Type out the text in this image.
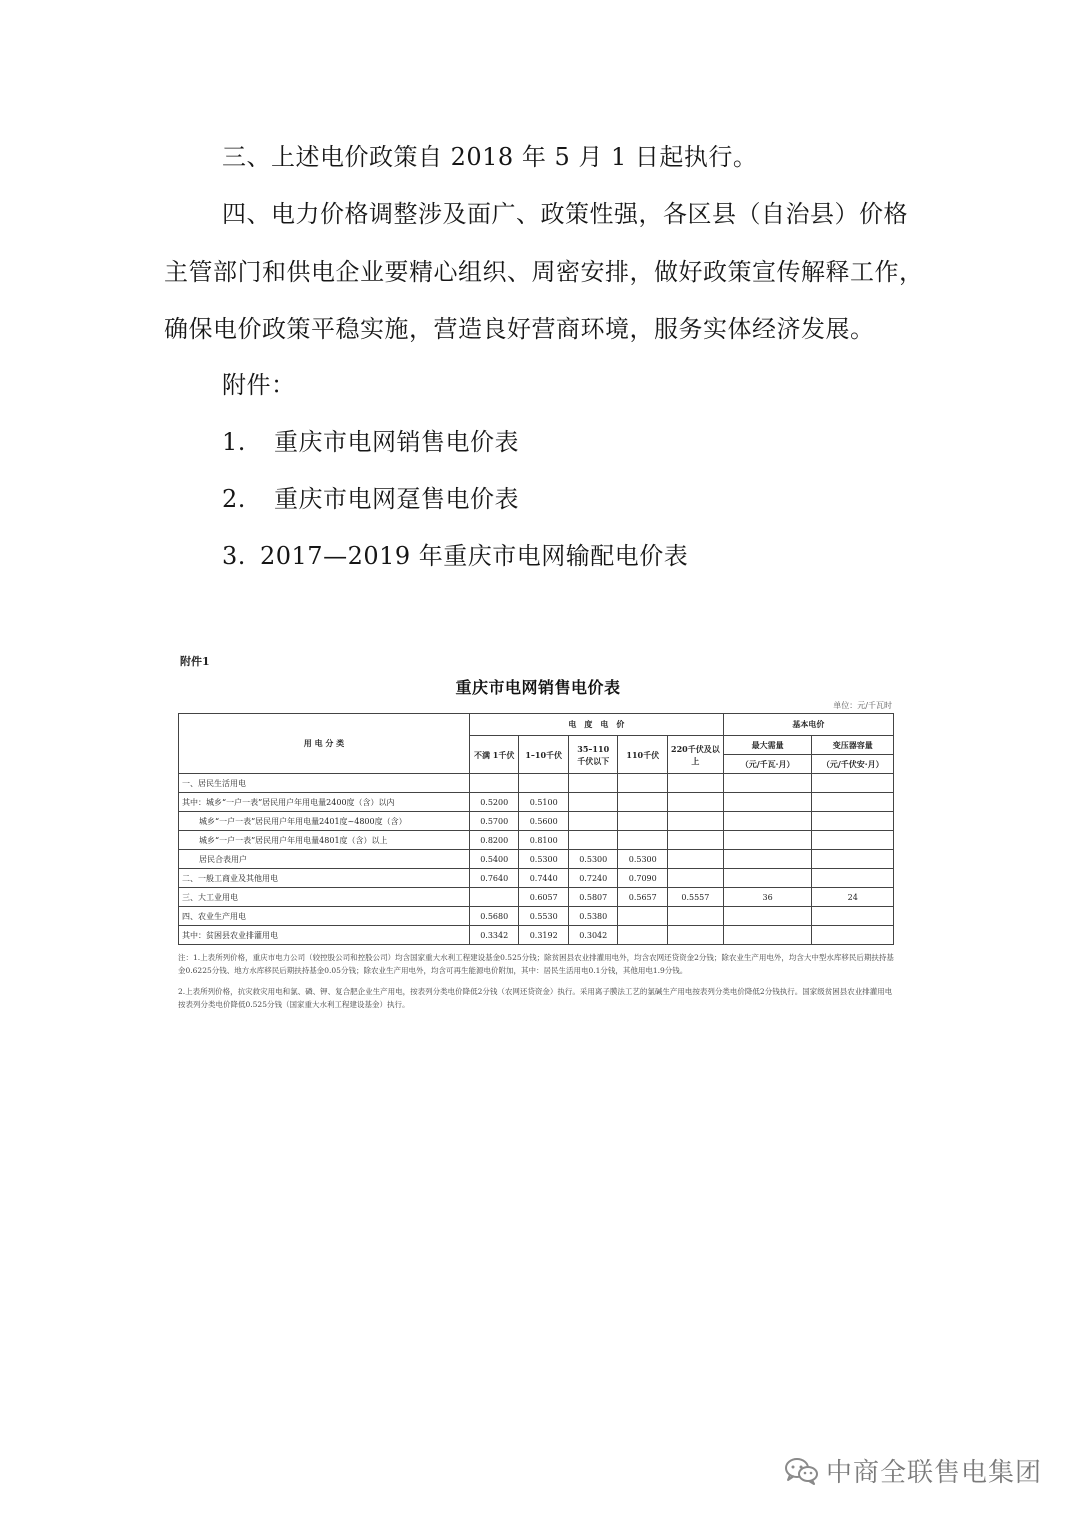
三、上述电价政策自 2018 年 5 月 1 日起执行。
四、电力价格调整涉及面广、政策性强，各区县（自治县）价格
主管部门和供电企业要精心组织、周密安排，做好政策宣传解释工作，
确保电价政策平稳实施，营造良好营商环境，服务实体经济发展。
附件：
1. 重庆市电网销售电价表
2. 重庆市电网趸售电价表
3. 2017—2019 年重庆市电网输配电价表
附件1
重庆市电网销售电价表
单位：元/千瓦时
用 电 分 类	电　度　电　价					基本电价	
	不满 1千伏	1–10千伏	35–110 千伏以下	110千伏	220千伏及以上	最大需量	变压器容量
						（元/千瓦·月）	（元/千伏安·月）
一、居民生活用电							
其中：城乡“一户一表”居民用户年用电量2400度（含）以内	0.5200	0.5100					
城乡“一户一表”居民用户年用电量2401度~4800度（含）	0.5700	0.5600					
城乡“一户一表”居民用户年用电量4801度（含）以上	0.8200	0.8100					
居民合表用户	0.5400	0.5300	0.5300	0.5300			
二、一般工商业及其他用电	0.7640	0.7440	0.7240	0.7090			
三、大工业用电		0.6057	0.5807	0.5657	0.5557	36	24
四、农业生产用电	0.5680	0.5530	0.5380				
其中：贫困县农业排灌用电	0.3342	0.3192	0.3042				

注：1.上表所列价格，重庆市电力公司（较控股公司和控股公司）均含国家重大水利工程建设基金0.525分钱；除贫困县农业排灌用电外，均含农网还贷资金2分钱；除农业生产用电外，均含大中型水库移民后期扶持基金0.6225分钱、地方水库移民后期扶持基金0.05分钱；除农业生产用电外，均含可再生能源电价附加，其中：居民生活用电0.1分钱，其他用电1.9分钱。

2.上表所列价格，抗灾救灾用电和氯、磷、钾、复合肥企业生产用电，按表列分类电价降低2分钱（农网还贷资金）执行。采用离子膜法工艺的氯碱生产用电按表列分类电价降低2分钱执行。国家级贫困县农业排灌用电按表列分类电价降低0.525分钱（国家重大水利工程建设基金）执行。

中商全联售电集团
